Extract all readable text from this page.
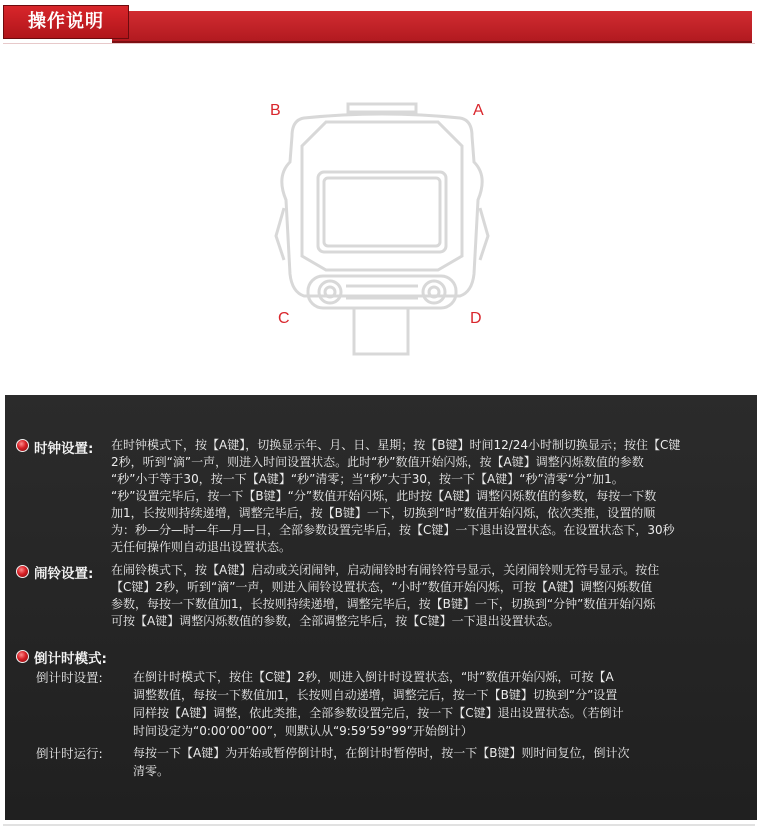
操作说明
B	A
C	D
时钟设置: 在时钟模式下，按【A键】，切换显示年、月、日、星期；按【B键】时间12/24小时制切换显示；按住【C键
2秒，听到“滴”一声，则进入时间设置状态。此时“秒”数值开始闪烁，按【A键】调整闪烁数值的参数
“秒”小于等于30，按一下【A键】“秒”清零；当“秒”大于30，按一下【A键】“秒”清零“分”加1。
“秒”设置完毕后，按一下【B键】“分”数值开始闪烁，此时按【A键】调整闪烁数值的参数，每按一下数
加1，长按则持续递增，调整完毕后，按【B键】一下，切换到“时”数值开始闪烁，依次类推，设置的顺
为：秒—分—时—年—月—日，全部参数设置完毕后，按【C键】一下退出设置状态。在设置状态下，30秒
无任何操作则自动退出设置状态。
闹铃设置: 在闹铃模式下，按【A键】启动或关闭闹钟，启动闹铃时有闹铃符号显示，关闭闹铃则无符号显示。按住
【C键】2秒，听到“滴”一声，则进入闹铃设置状态，“小时”数值开始闪烁，可按【A键】调整闪烁数值
参数，每按一下数值加1，长按则持续递增，调整完毕后，按【B键】一下，切换到“分钟”数值开始闪烁
可按【A键】调整闪烁数值的参数，全部调整完毕后，按【C键】一下退出设置状态。
倒计时模式:
倒计时设置:	在倒计时模式下，按住【C键】2秒，则进入倒计时设置状态，“时”数值开始闪烁，可按【A
调整数值，每按一下数值加1，长按则自动递增，调整完后，按一下【B键】切换到“分”设置
同样按【A键】调整，依此类推，全部参数设置完后，按一下【C键】退出设置状态。（若倒计
时间设定为“0:00’00”00”，则默认从“9:59’59”99”开始倒计）
倒计时运行:	每按一下【A键】为开始或暂停倒计时，在倒计时暂停时，按一下【B键】则时间复位，倒计次
清零。
